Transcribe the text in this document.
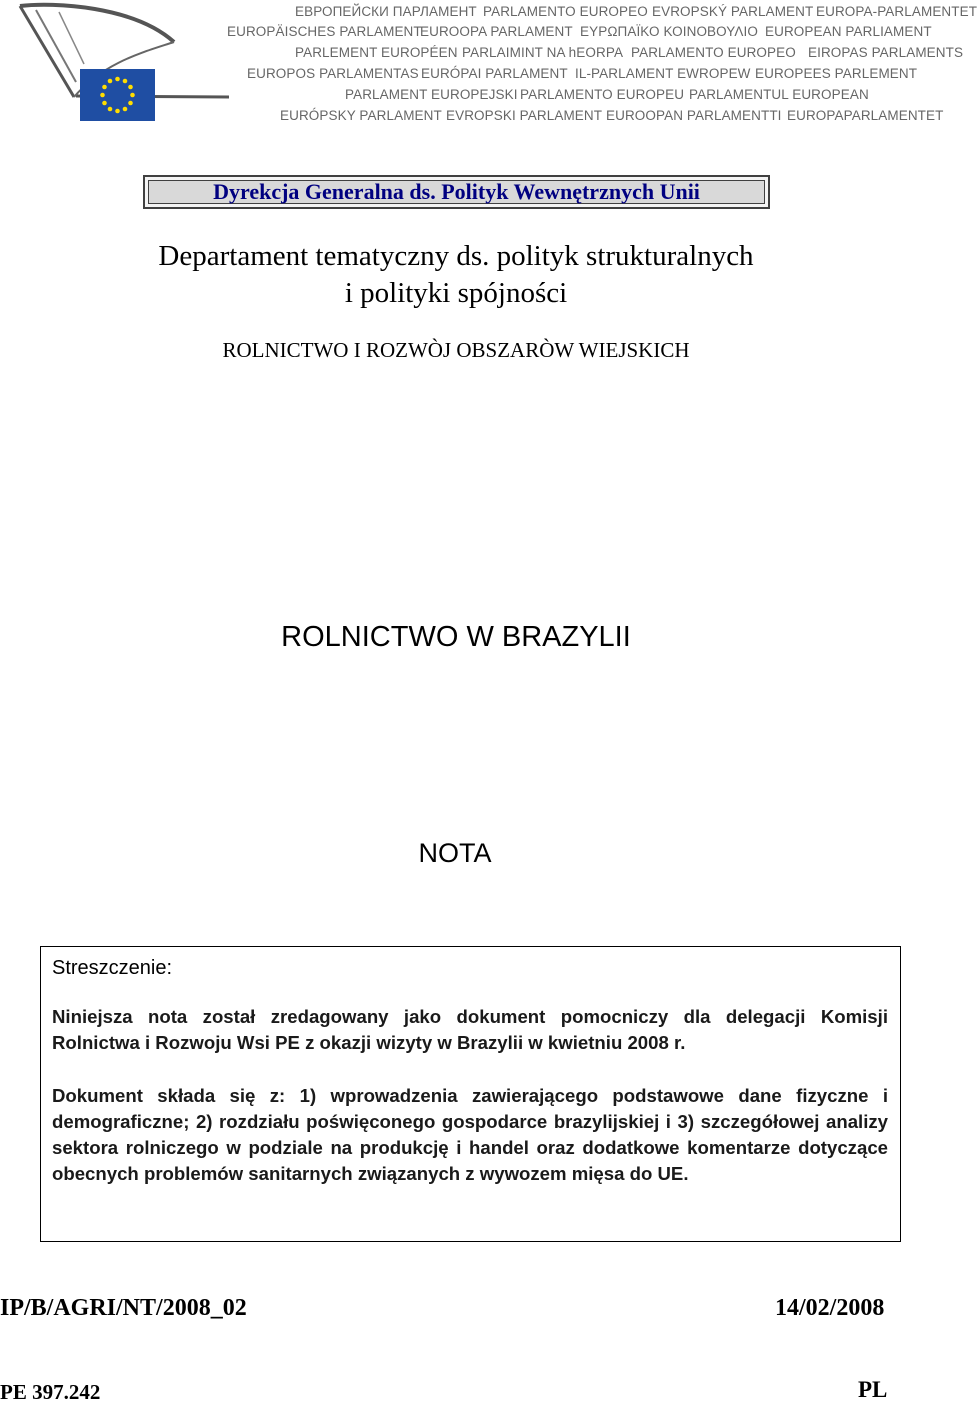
ЕВРОПЕЙСКИ ПАРЛАМЕНТ PARLAMENTO EUROPEO EVROPSKÝ PARLAMENT EUROPA-PARLAMENTET
EUROPÄISCHES PARLAMENT
EUROOPA PARLAMENT ΕΥΡΩΠΑΪΚΟ ΚΟΙΝΟΒΟΥΛΙΟ EUROPEAN PARLIAMENT
PARLEMENT EUROPÉEN PARLAIMINT NA hEORPA PARLAMENTO EUROPEO EIROPAS PARLAMENTS
EUROPOS PARLAMENTAS EURÓPAI PARLAMENT IL-PARLAMENT EWROPEW EUROPEES PARLEMENT
PARLAMENT EUROPEJSKI PARLAMENTO EUROPEU PARLAMENTUL EUROPEAN
EURÓPSKY PARLAMENT EVROPSKI PARLAMENT EUROOPAN PARLAMENTTI EUROPAPARLAMENTET
Dyrekcja Generalna ds. Polityk Wewnętrznych Unii
Departament tematyczny ds. polityk strukturalnych
i polityki spójności
ROLNICTWO I ROZWÒJ OBSZARÒW WIEJSKICH
ROLNICTWO W BRAZYLII
NOTA
Streszczenie:
Niniejsza nota został zredagowany jako dokument pomocniczy dla delegacji Komisji Rolnictwa i Rozwoju Wsi PE z okazji wizyty w Brazylii w kwietniu 2008 r.
Dokument składa się z: 1) wprowadzenia zawierającego podstawowe dane fizyczne i demograficzne; 2) rozdziału poświęconego gospodarce brazylijskiej i 3) szczegółowej analizy sektora rolniczego w podziale na produkcję i handel oraz dodatkowe komentarze dotyczące obecnych problemów sanitarnych związanych z wywozem mięsa do UE.
IP/B/AGRI/NT/2008_02	14/02/2008
PE 397.242	PL
